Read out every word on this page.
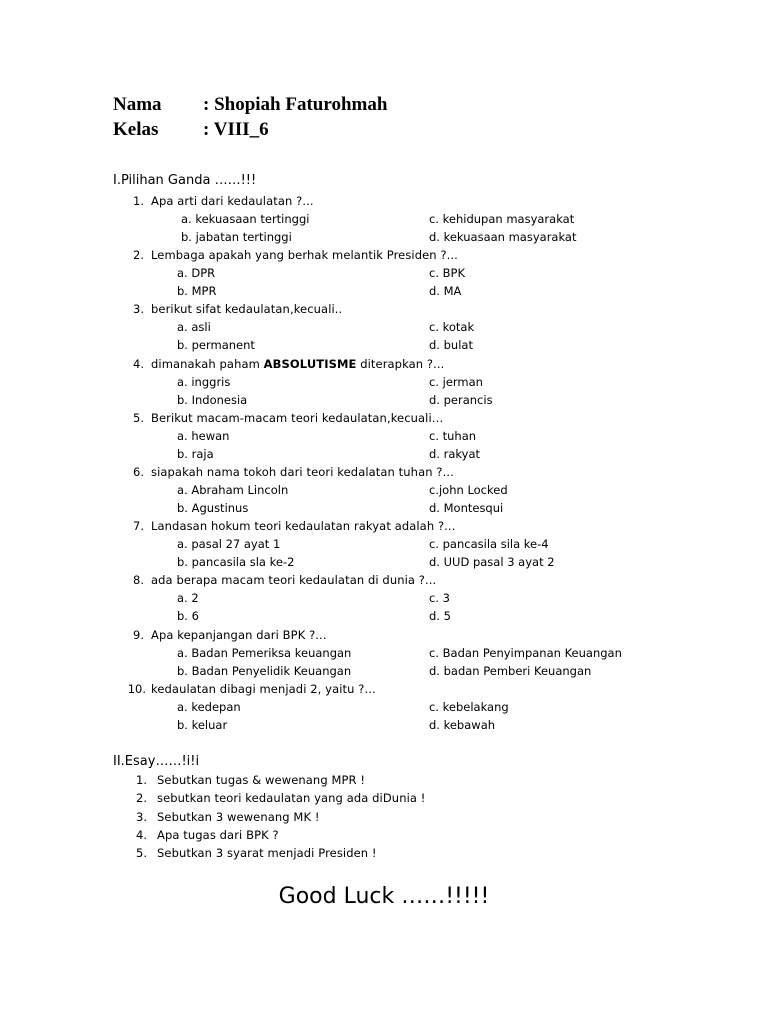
Nama : Shopiah Faturohmah
Kelas : VIII_6
I.Pilihan Ganda ……!!!
1. Apa arti dari kedaulatan ?...
a. kekuasaan tertinggi	c. kehidupan masyarakat
b. jabatan tertinggi	d. kekuasaan masyarakat
2. Lembaga apakah yang berhak melantik Presiden ?...
a. DPR	c. BPK
b. MPR	d. MA
3. berikut sifat kedaulatan,kecuali..
a. asli	c. kotak
b. permanent	d. bulat
4. dimanakah paham ABSOLUTISME diterapkan ?...
a. inggris	c. jerman
b. Indonesia	d. perancis
5. Berikut macam-macam teori kedaulatan,kecuali…
a. hewan	c. tuhan
b. raja	d. rakyat
6. siapakah nama tokoh dari teori kedalatan tuhan ?...
a. Abraham Lincoln	c.john Locked
b. Agustinus	d. Montesqui
7. Landasan hokum teori kedaulatan rakyat adalah ?...
a. pasal 27 ayat 1	c. pancasila sila ke-4
b. pancasila sla ke-2	d. UUD pasal 3 ayat 2
8. ada berapa macam teori kedaulatan di dunia ?...
a. 2	c. 3
b. 6	d. 5
9. Apa kepanjangan dari BPK ?...
a. Badan Pemeriksa keuangan	c. Badan Penyimpanan Keuangan
b. Badan Penyelidik Keuangan	d. badan Pemberi Keuangan
10. kedaulatan dibagi menjadi 2, yaitu ?...
a. kedepan	c. kebelakang
b. keluar	d. kebawah
II.Esay……!i!i
1. Sebutkan tugas & wewenang MPR !
2. sebutkan teori kedaulatan yang ada diDunia !
3. Sebutkan 3 wewenang MK !
4. Apa tugas dari BPK ?
5. Sebutkan 3 syarat menjadi Presiden !
Good Luck ……!!!!!
